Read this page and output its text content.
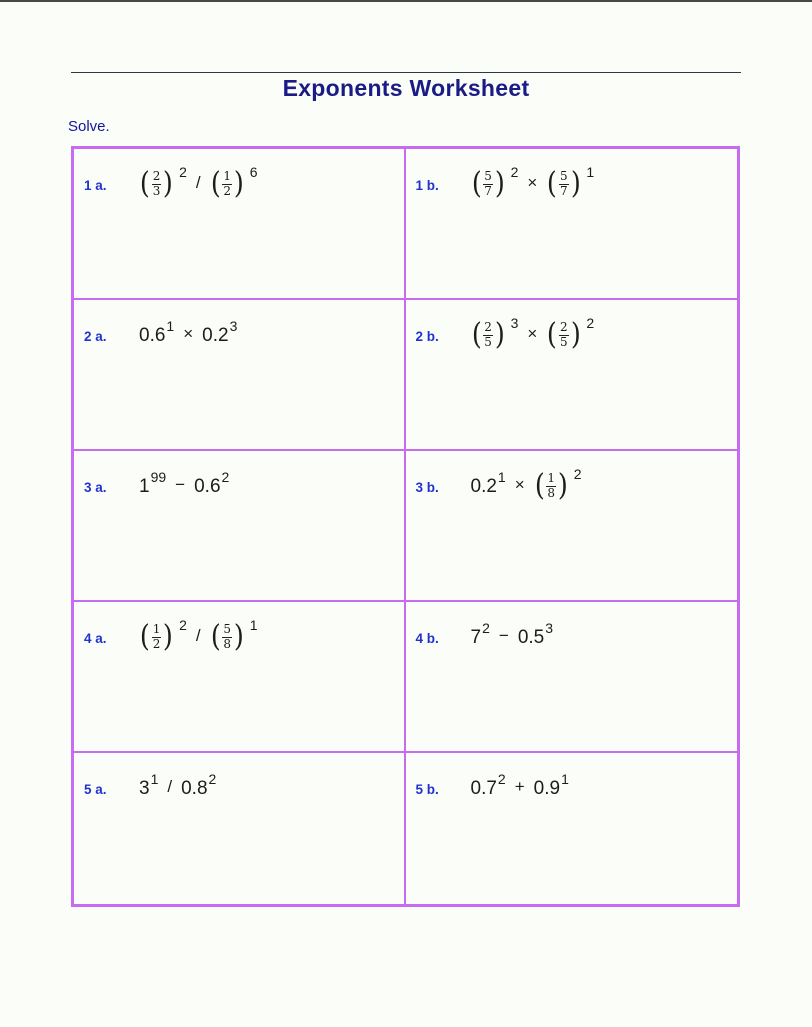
Exponents Worksheet
Solve.
1 a.	( $\frac{2}{3}$ ) 2
/ ( $\frac{1}{2}$ ) 6
1 b.	( $\frac{5}{7}$ ) 2
× ( $\frac{5}{7}$ ) 1
2 a.	0.6 1 × 0.2 3
2 b.	( $\frac{2}{5}$ ) 3
× ( $\frac{2}{5}$ ) 2
3 a.	1 99 − 0.6 2
3 b.	0.2 1 × ( $\frac{1}{8}$ ) 2
4 a.	( $\frac{1}{2}$ ) 2
/ ( $\frac{5}{8}$ ) 1
4 b.	7 2 − 0.5 3
5 a.	3 1 / 0.8 2
5 b.	0.7 2 + 0.9 1
